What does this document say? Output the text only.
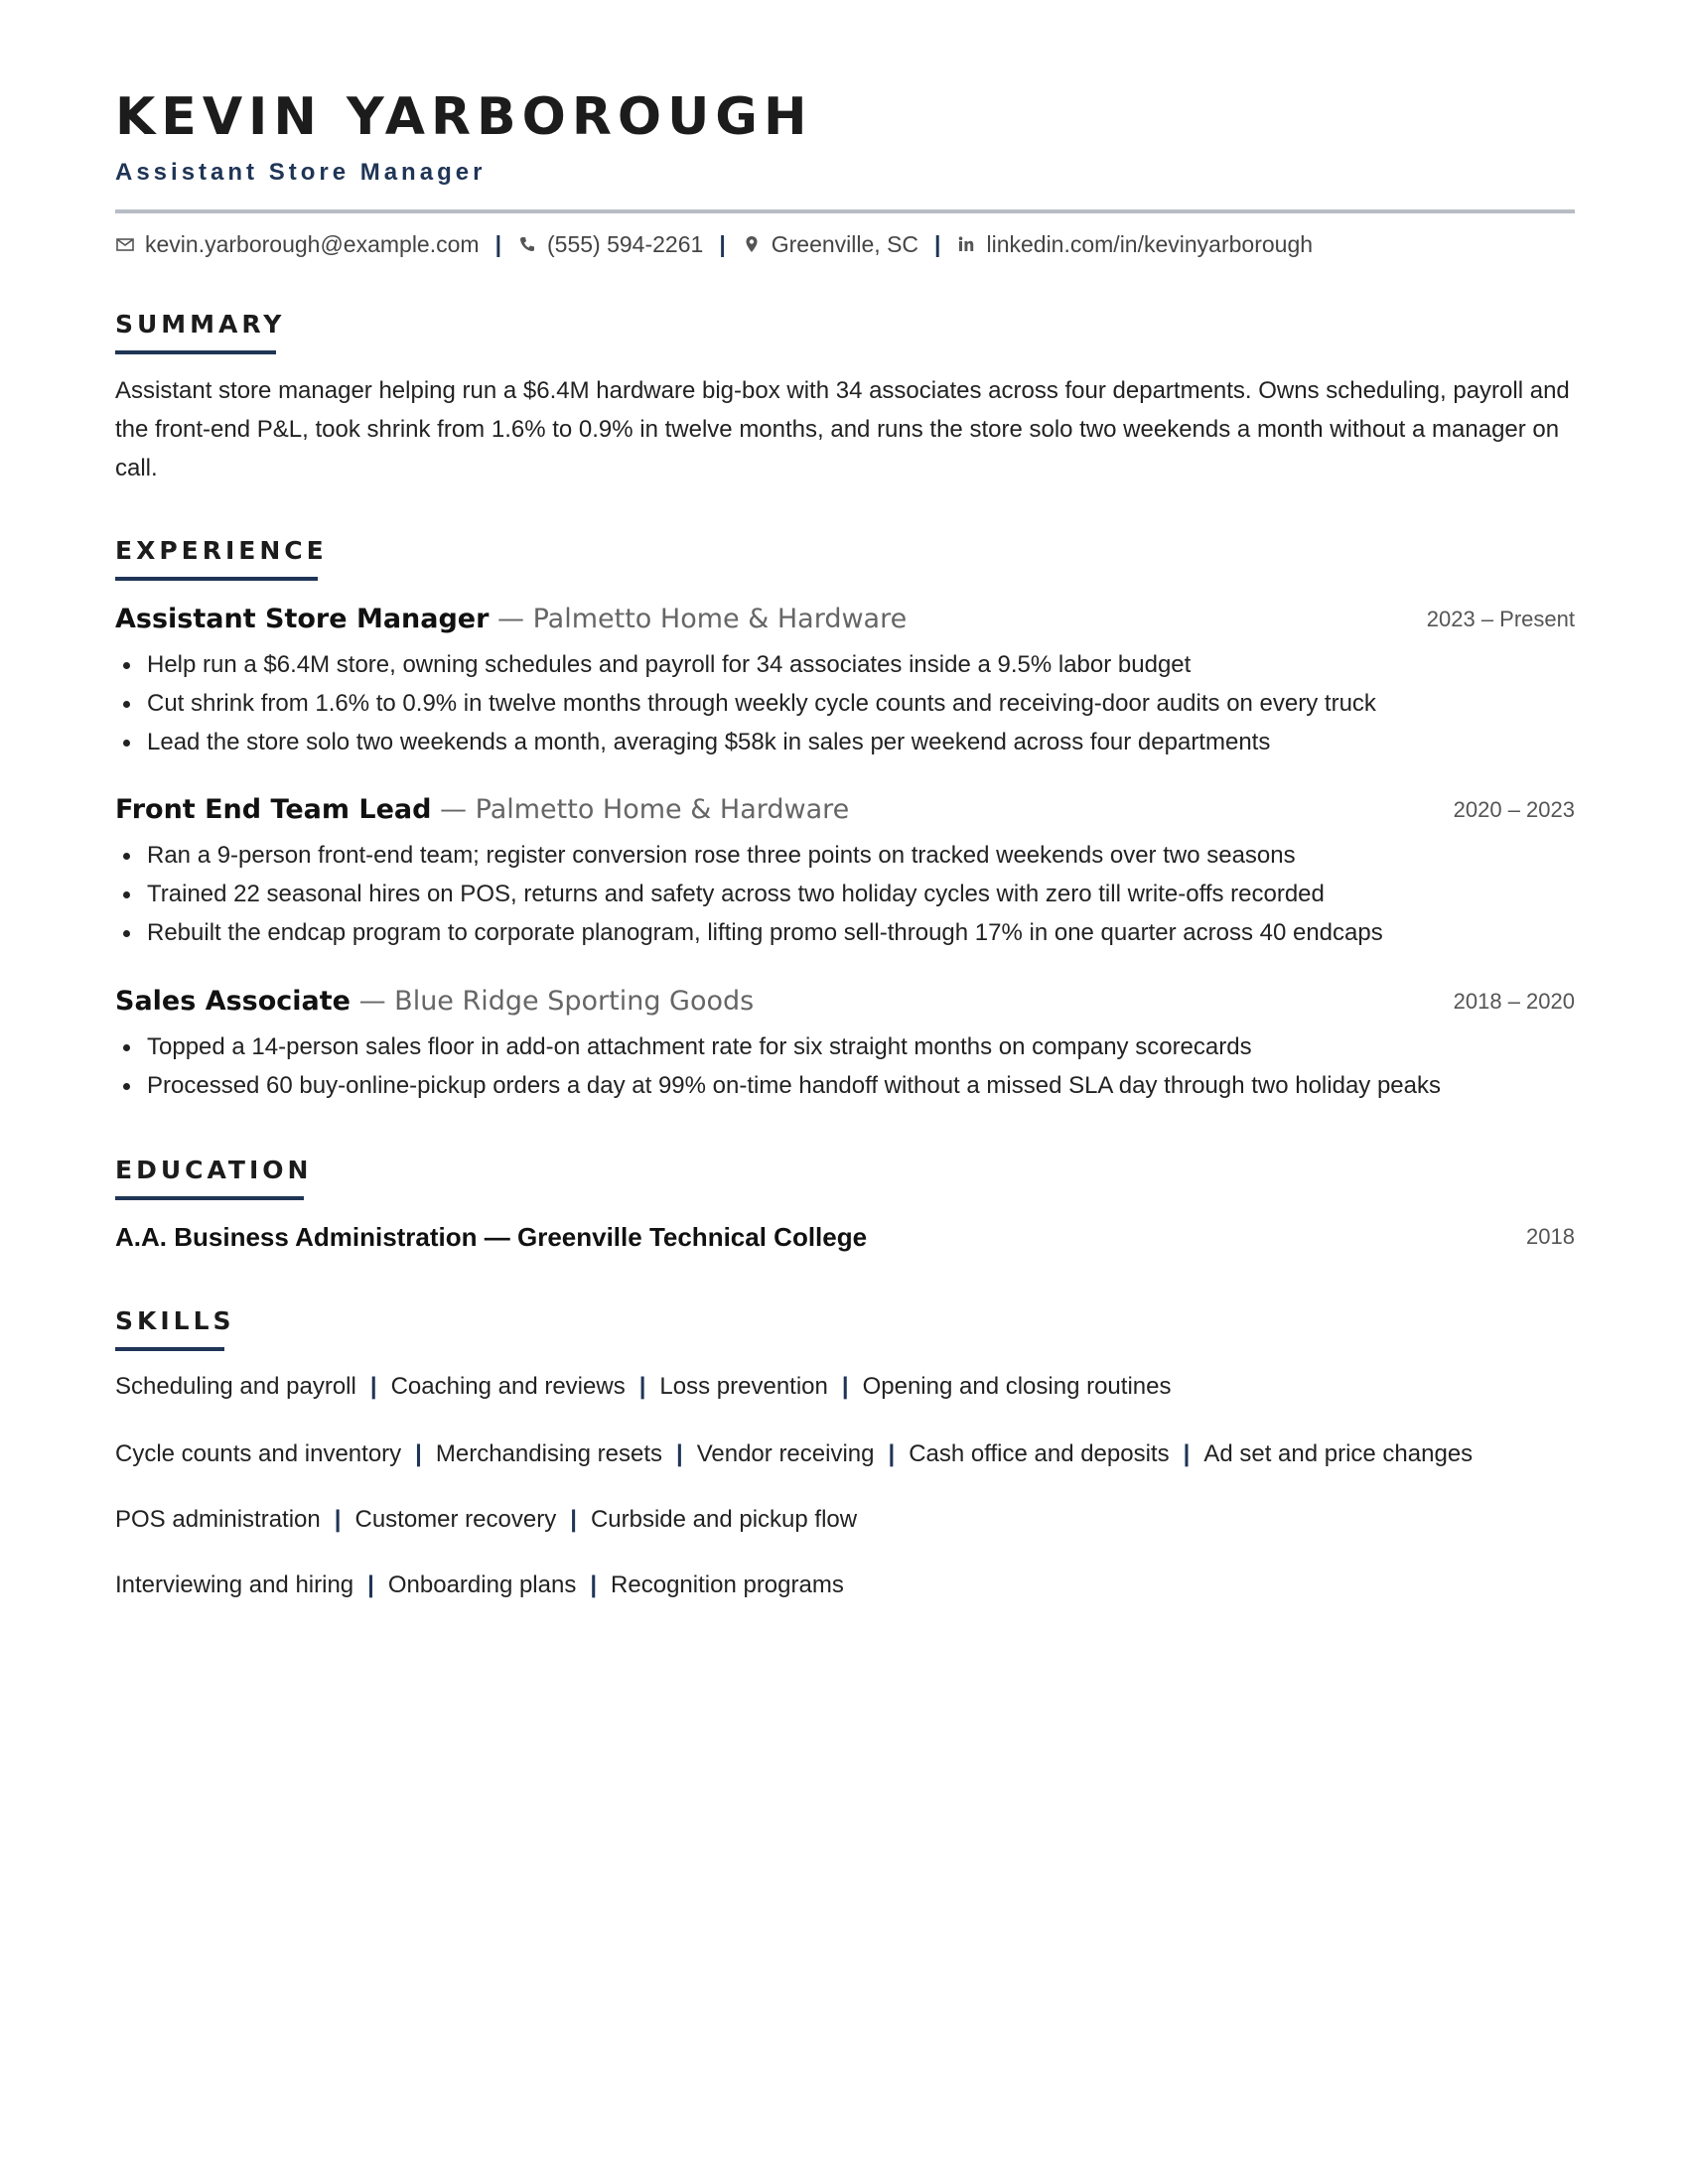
KEVIN YARBOROUGH
Assistant Store Manager
kevin.yarborough@example.com | (555) 594-2261 | Greenville, SC | linkedin.com/in/kevinyarborough
SUMMARY
Assistant store manager helping run a $6.4M hardware big-box with 34 associates across four departments. Owns scheduling, payroll and the front-end P&L, took shrink from 1.6% to 0.9% in twelve months, and runs the store solo two weekends a month without a manager on call.
EXPERIENCE
Assistant Store Manager — Palmetto Home & Hardware	2023 – Present
Help run a $6.4M store, owning schedules and payroll for 34 associates inside a 9.5% labor budget
Cut shrink from 1.6% to 0.9% in twelve months through weekly cycle counts and receiving-door audits on every truck
Lead the store solo two weekends a month, averaging $58k in sales per weekend across four departments
Front End Team Lead — Palmetto Home & Hardware	2020 – 2023
Ran a 9-person front-end team; register conversion rose three points on tracked weekends over two seasons
Trained 22 seasonal hires on POS, returns and safety across two holiday cycles with zero till write-offs recorded
Rebuilt the endcap program to corporate planogram, lifting promo sell-through 17% in one quarter across 40 endcaps
Sales Associate — Blue Ridge Sporting Goods	2018 – 2020
Topped a 14-person sales floor in add-on attachment rate for six straight months on company scorecards
Processed 60 buy-online-pickup orders a day at 99% on-time handoff without a missed SLA day through two holiday peaks
EDUCATION
A.A. Business Administration — Greenville Technical College	2018
SKILLS
Scheduling and payroll | Coaching and reviews | Loss prevention | Opening and closing routines
Cycle counts and inventory | Merchandising resets | Vendor receiving | Cash office and deposits | Ad set and price changes
POS administration | Customer recovery | Curbside and pickup flow
Interviewing and hiring | Onboarding plans | Recognition programs
